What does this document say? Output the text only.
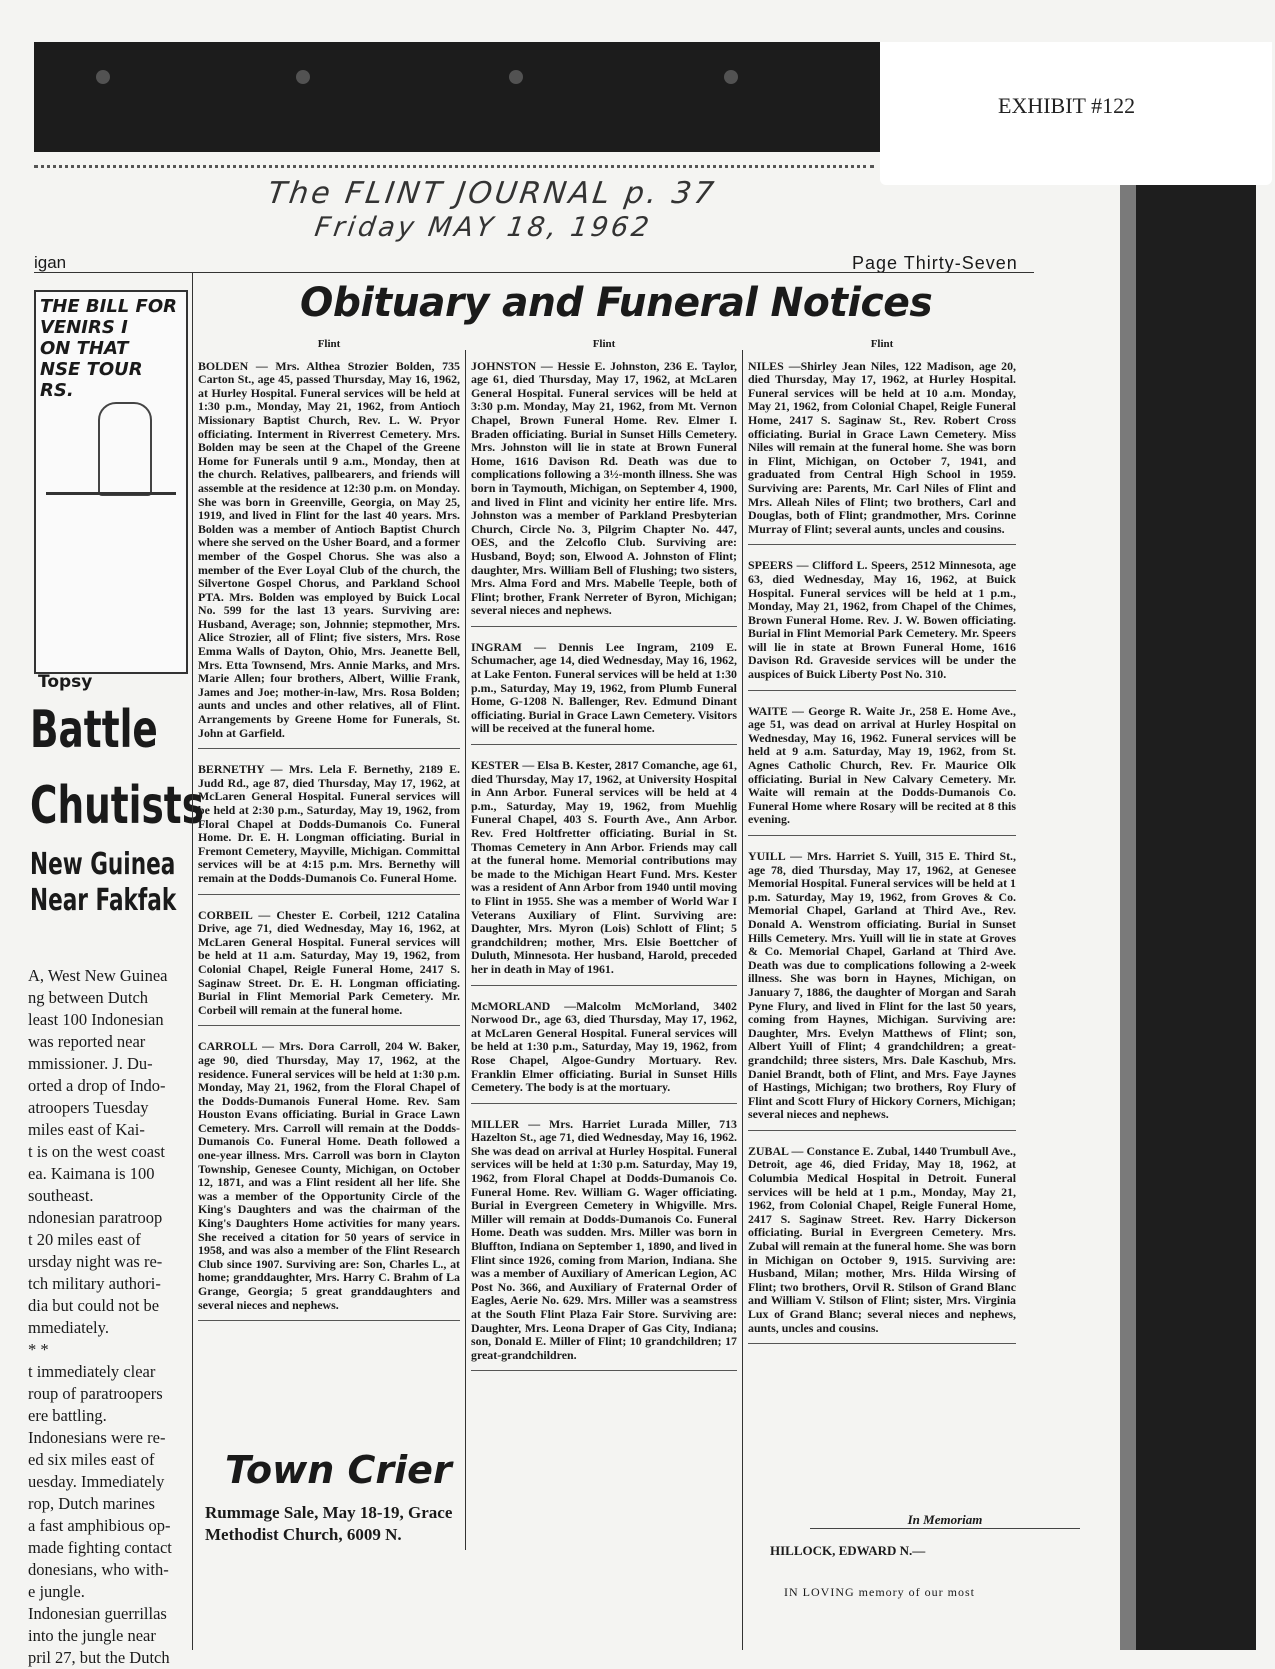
EXHIBIT #122
The FLINT JOURNAL p. 37
Friday MAY 18, 1962
igan	Page Thirty-Seven
THE BILL FOR
VENIRS I
ON THAT
NSE TOUR
RS.
Topsy
Battle
Chutists
New Guinea
Near Fakfak
A, West New Guinea
ng between Dutch
least 100 Indonesian
was reported near
mmissioner. J. Du-
orted a drop of Indo-
atroopers Tuesday
miles east of Kai-
t is on the west coast
ea. Kaimana is 100
southeast.
ndonesian paratroop
t 20 miles east of
ursday night was re-
tch military authori-
dia but could not be
mmediately.
* *
t immediately clear
roup of paratroopers
ere battling.
Indonesians were re-
ed six miles east of
uesday. Immediately
rop, Dutch marines
a fast amphibious op-
made fighting contact
donesians, who with-
e jungle.
Indonesian guerrillas
into the jungle near
pril 27, but the Dutch
Obituary and Funeral Notices
Flint
BOLDEN — Mrs. Althea Strozier Bolden, 735 Carton St., age 45, passed Thursday, May 16, 1962, at Hurley Hospital. Funeral services will be held at 1:30 p.m., Monday, May 21, 1962, from Antioch Missionary Baptist Church, Rev. L. W. Pryor officiating. Interment in Riverrest Cemetery. Mrs. Bolden may be seen at the Chapel of the Greene Home for Funerals until 9 a.m., Monday, then at the church. Relatives, pallbearers, and friends will assemble at the residence at 12:30 p.m. on Monday. She was born in Greenville, Georgia, on May 25, 1919, and lived in Flint for the last 40 years. Mrs. Bolden was a member of Antioch Baptist Church where she served on the Usher Board, and a former member of the Gospel Chorus. She was also a member of the Ever Loyal Club of the church, the Silvertone Gospel Chorus, and Parkland School PTA. Mrs. Bolden was employed by Buick Local No. 599 for the last 13 years. Surviving are: Husband, Average; son, Johnnie; stepmother, Mrs. Alice Strozier, all of Flint; five sisters, Mrs. Rose Emma Walls of Dayton, Ohio, Mrs. Jeanette Bell, Mrs. Etta Townsend, Mrs. Annie Marks, and Mrs. Marie Allen; four brothers, Albert, Willie Frank, James and Joe; mother-in-law, Mrs. Rosa Bolden; aunts and uncles and other relatives, all of Flint. Arrangements by Greene Home for Funerals, St. John at Garfield.
BERNETHY — Mrs. Lela F. Bernethy, 2189 E. Judd Rd., age 87, died Thursday, May 17, 1962, at McLaren General Hospital. Funeral services will be held at 2:30 p.m., Saturday, May 19, 1962, from Floral Chapel at Dodds-Dumanois Co. Funeral Home. Dr. E. H. Longman officiating. Burial in Fremont Cemetery, Mayville, Michigan. Committal services will be at 4:15 p.m. Mrs. Bernethy will remain at the Dodds-Dumanois Co. Funeral Home.
CORBEIL — Chester E. Corbeil, 1212 Catalina Drive, age 71, died Wednesday, May 16, 1962, at McLaren General Hospital. Funeral services will be held at 11 a.m. Saturday, May 19, 1962, from Colonial Chapel, Reigle Funeral Home, 2417 S. Saginaw Street. Dr. E. H. Longman officiating. Burial in Flint Memorial Park Cemetery. Mr. Corbeil will remain at the funeral home.
CARROLL — Mrs. Dora Carroll, 204 W. Baker, age 90, died Thursday, May 17, 1962, at the residence. Funeral services will be held at 1:30 p.m. Monday, May 21, 1962, from the Floral Chapel of the Dodds-Dumanois Funeral Home. Rev. Sam Houston Evans officiating. Burial in Grace Lawn Cemetery. Mrs. Carroll will remain at the Dodds-Dumanois Co. Funeral Home. Death followed a one-year illness. Mrs. Carroll was born in Clayton Township, Genesee County, Michigan, on October 12, 1871, and was a Flint resident all her life. She was a member of the Opportunity Circle of the King's Daughters and was the chairman of the King's Daughters Home activities for many years. She received a citation for 50 years of service in 1958, and was also a member of the Flint Research Club since 1907. Surviving are: Son, Charles L., at home; granddaughter, Mrs. Harry C. Brahm of La Grange, Georgia; 5 great granddaughters and several nieces and nephews.
Flint
JOHNSTON — Hessie E. Johnston, 236 E. Taylor, age 61, died Thursday, May 17, 1962, at McLaren General Hospital. Funeral services will be held at 3:30 p.m. Monday, May 21, 1962, from Mt. Vernon Chapel, Brown Funeral Home. Rev. Elmer I. Braden officiating. Burial in Sunset Hills Cemetery. Mrs. Johnston will lie in state at Brown Funeral Home, 1616 Davison Rd. Death was due to complications following a 3½-month illness. She was born in Taymouth, Michigan, on September 4, 1900, and lived in Flint and vicinity her entire life. Mrs. Johnston was a member of Parkland Presbyterian Church, Circle No. 3, Pilgrim Chapter No. 447, OES, and the Zelcoflo Club. Surviving are: Husband, Boyd; son, Elwood A. Johnston of Flint; daughter, Mrs. William Bell of Flushing; two sisters, Mrs. Alma Ford and Mrs. Mabelle Teeple, both of Flint; brother, Frank Nerreter of Byron, Michigan; several nieces and nephews.
INGRAM — Dennis Lee Ingram, 2109 E. Schumacher, age 14, died Wednesday, May 16, 1962, at Lake Fenton. Funeral services will be held at 1:30 p.m., Saturday, May 19, 1962, from Plumb Funeral Home, G-1208 N. Ballenger, Rev. Edmund Dinant officiating. Burial in Grace Lawn Cemetery. Visitors will be received at the funeral home.
KESTER — Elsa B. Kester, 2817 Comanche, age 61, died Thursday, May 17, 1962, at University Hospital in Ann Arbor. Funeral services will be held at 4 p.m., Saturday, May 19, 1962, from Muehlig Funeral Chapel, 403 S. Fourth Ave., Ann Arbor. Rev. Fred Holtfretter officiating. Burial in St. Thomas Cemetery in Ann Arbor. Friends may call at the funeral home. Memorial contributions may be made to the Michigan Heart Fund. Mrs. Kester was a resident of Ann Arbor from 1940 until moving to Flint in 1955. She was a member of World War I Veterans Auxiliary of Flint. Surviving are: Daughter, Mrs. Myron (Lois) Schlott of Flint; 5 grandchildren; mother, Mrs. Elsie Boettcher of Duluth, Minnesota. Her husband, Harold, preceded her in death in May of 1961.
McMORLAND —Malcolm McMorland, 3402 Norwood Dr., age 63, died Thursday, May 17, 1962, at McLaren General Hospital. Funeral services will be held at 1:30 p.m., Saturday, May 19, 1962, from Rose Chapel, Algoe-Gundry Mortuary. Rev. Franklin Elmer officiating. Burial in Sunset Hills Cemetery. The body is at the mortuary.
MILLER — Mrs. Harriet Lurada Miller, 713 Hazelton St., age 71, died Wednesday, May 16, 1962. She was dead on arrival at Hurley Hospital. Funeral services will be held at 1:30 p.m. Saturday, May 19, 1962, from Floral Chapel at Dodds-Dumanois Co. Funeral Home. Rev. William G. Wager officiating. Burial in Evergreen Cemetery in Whigville. Mrs. Miller will remain at Dodds-Dumanois Co. Funeral Home. Death was sudden. Mrs. Miller was born in Bluffton, Indiana on September 1, 1890, and lived in Flint since 1926, coming from Marion, Indiana. She was a member of Auxiliary of American Legion, AC Post No. 366, and Auxiliary of Fraternal Order of Eagles, Aerie No. 629. Mrs. Miller was a seamstress at the South Flint Plaza Fair Store. Surviving are: Daughter, Mrs. Leona Draper of Gas City, Indiana; son, Donald E. Miller of Flint; 10 grandchildren; 17 great-grandchildren.
Flint
NILES —Shirley Jean Niles, 122 Madison, age 20, died Thursday, May 17, 1962, at Hurley Hospital. Funeral services will be held at 10 a.m. Monday, May 21, 1962, from Colonial Chapel, Reigle Funeral Home, 2417 S. Saginaw St., Rev. Robert Cross officiating. Burial in Grace Lawn Cemetery. Miss Niles will remain at the funeral home. She was born in Flint, Michigan, on October 7, 1941, and graduated from Central High School in 1959. Surviving are: Parents, Mr. Carl Niles of Flint and Mrs. Alleah Niles of Flint; two brothers, Carl and Douglas, both of Flint; grandmother, Mrs. Corinne Murray of Flint; several aunts, uncles and cousins.
SPEERS — Clifford L. Speers, 2512 Minnesota, age 63, died Wednesday, May 16, 1962, at Buick Hospital. Funeral services will be held at 1 p.m., Monday, May 21, 1962, from Chapel of the Chimes, Brown Funeral Home. Rev. J. W. Bowen officiating. Burial in Flint Memorial Park Cemetery. Mr. Speers will lie in state at Brown Funeral Home, 1616 Davison Rd. Graveside services will be under the auspices of Buick Liberty Post No. 310.
WAITE — George R. Waite Jr., 258 E. Home Ave., age 51, was dead on arrival at Hurley Hospital on Wednesday, May 16, 1962. Funeral services will be held at 9 a.m. Saturday, May 19, 1962, from St. Agnes Catholic Church, Rev. Fr. Maurice Olk officiating. Burial in New Calvary Cemetery. Mr. Waite will remain at the Dodds-Dumanois Co. Funeral Home where Rosary will be recited at 8 this evening.
YUILL — Mrs. Harriet S. Yuill, 315 E. Third St., age 78, died Thursday, May 17, 1962, at Genesee Memorial Hospital. Funeral services will be held at 1 p.m. Saturday, May 19, 1962, from Groves & Co. Memorial Chapel, Garland at Third Ave., Rev. Donald A. Wenstrom officiating. Burial in Sunset Hills Cemetery. Mrs. Yuill will lie in state at Groves & Co. Memorial Chapel, Garland at Third Ave. Death was due to complications following a 2-week illness. She was born in Haynes, Michigan, on January 7, 1886, the daughter of Morgan and Sarah Pyne Flury, and lived in Flint for the last 50 years, coming from Haynes, Michigan. Surviving are: Daughter, Mrs. Evelyn Matthews of Flint; son, Albert Yuill of Flint; 4 grandchildren; a great-grandchild; three sisters, Mrs. Dale Kaschub, Mrs. Daniel Brandt, both of Flint, and Mrs. Faye Jaynes of Hastings, Michigan; two brothers, Roy Flury of Flint and Scott Flury of Hickory Corners, Michigan; several nieces and nephews.
ZUBAL — Constance E. Zubal, 1440 Trumbull Ave., Detroit, age 46, died Friday, May 18, 1962, at Columbia Medical Hospital in Detroit. Funeral services will be held at 1 p.m., Monday, May 21, 1962, from Colonial Chapel, Reigle Funeral Home, 2417 S. Saginaw Street. Rev. Harry Dickerson officiating. Burial in Evergreen Cemetery. Mrs. Zubal will remain at the funeral home. She was born in Michigan on October 9, 1915. Surviving are: Husband, Milan; mother, Mrs. Hilda Wirsing of Flint; two brothers, Orvil R. Stilson of Grand Blanc and William V. Stilson of Flint; sister, Mrs. Virginia Lux of Grand Blanc; several nieces and nephews, aunts, uncles and cousins.
Town Crier
Rummage Sale, May 18-19, Grace Methodist Church, 6009 N.
In Memoriam
HILLOCK, EDWARD N.—
IN LOVING memory of our most
